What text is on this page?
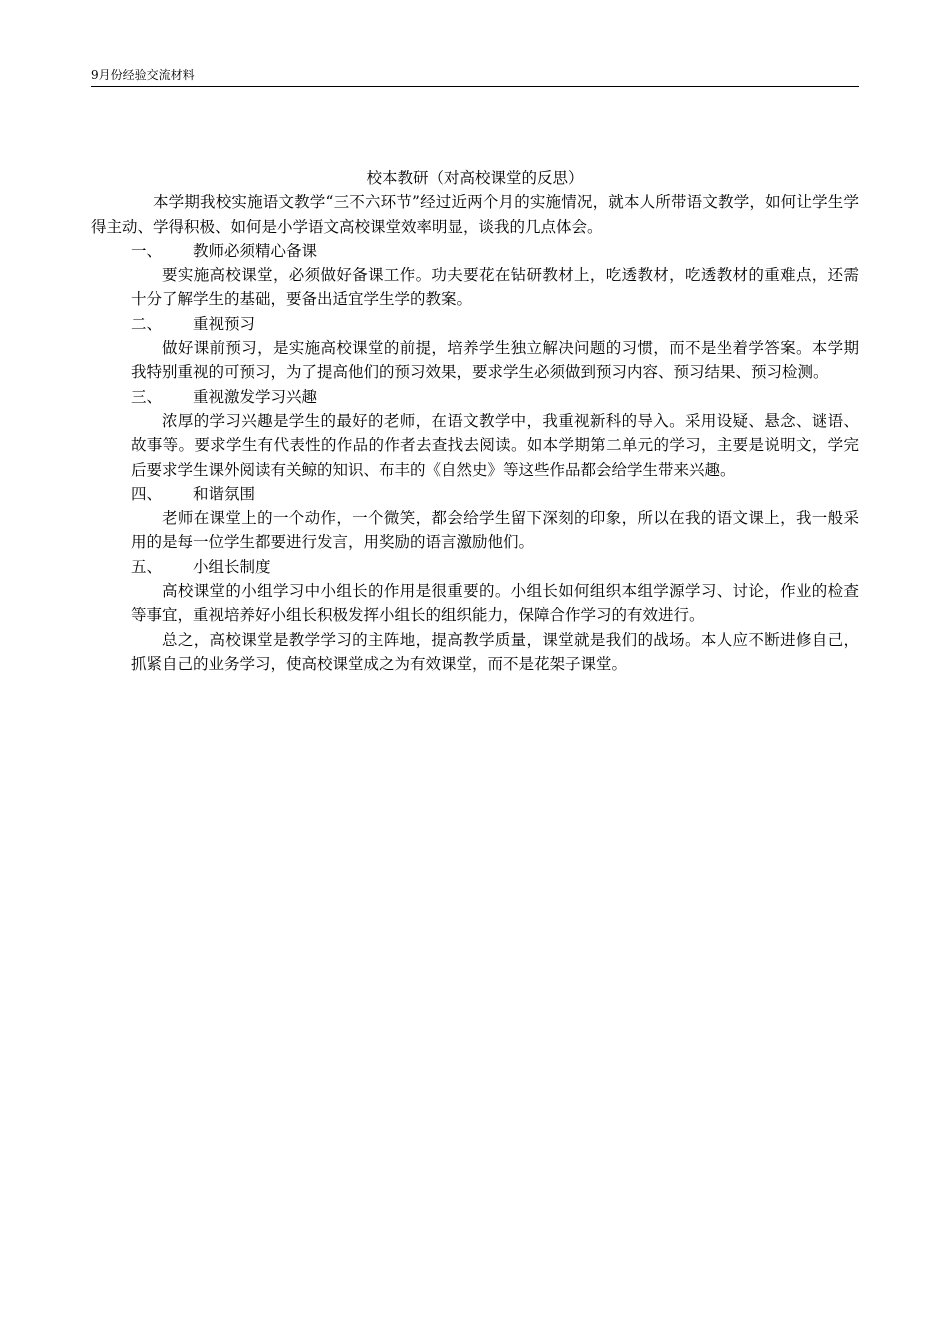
9月份经验交流材料

校本教研（对高校课堂的反思）

本学期我校实施语文教学“三不六环节”经过近两个月的实施情况，就本人所带语文教学，如何让学生学得主动、学得积极、如何是小学语文高校课堂效率明显，谈我的几点体会。

一、 教师必须精心备课

要实施高校课堂，必须做好备课工作。功夫要花在钻研教材上，吃透教材，吃透教材的重难点，还需十分了解学生的基础，要备出适宜学生学的教案。

二、 重视预习

做好课前预习，是实施高校课堂的前提，培养学生独立解决问题的习惯，而不是坐着学答案。本学期我特别重视的可预习，为了提高他们的预习效果，要求学生必须做到预习内容、预习结果、预习检测。

三、 重视激发学习兴趣

浓厚的学习兴趣是学生的最好的老师，在语文教学中，我重视新科的导入。采用设疑、悬念、谜语、故事等。要求学生有代表性的作品的作者去查找去阅读。如本学期第二单元的学习，主要是说明文，学完后要求学生课外阅读有关鲸的知识、布丰的《自然史》等这些作品都会给学生带来兴趣。

四、 和谐氛围

老师在课堂上的一个动作，一个微笑，都会给学生留下深刻的印象，所以在我的语文课上，我一般采用的是每一位学生都要进行发言，用奖励的语言激励他们。

五、 小组长制度

高校课堂的小组学习中小组长的作用是很重要的。小组长如何组织本组学源学习、讨论，作业的检查等事宜，重视培养好小组长积极发挥小组长的组织能力，保障合作学习的有效进行。

总之，高校课堂是教学学习的主阵地，提高教学质量，课堂就是我们的战场。本人应不断进修自己，抓紧自己的业务学习，使高校课堂成之为有效课堂，而不是花架子课堂。
